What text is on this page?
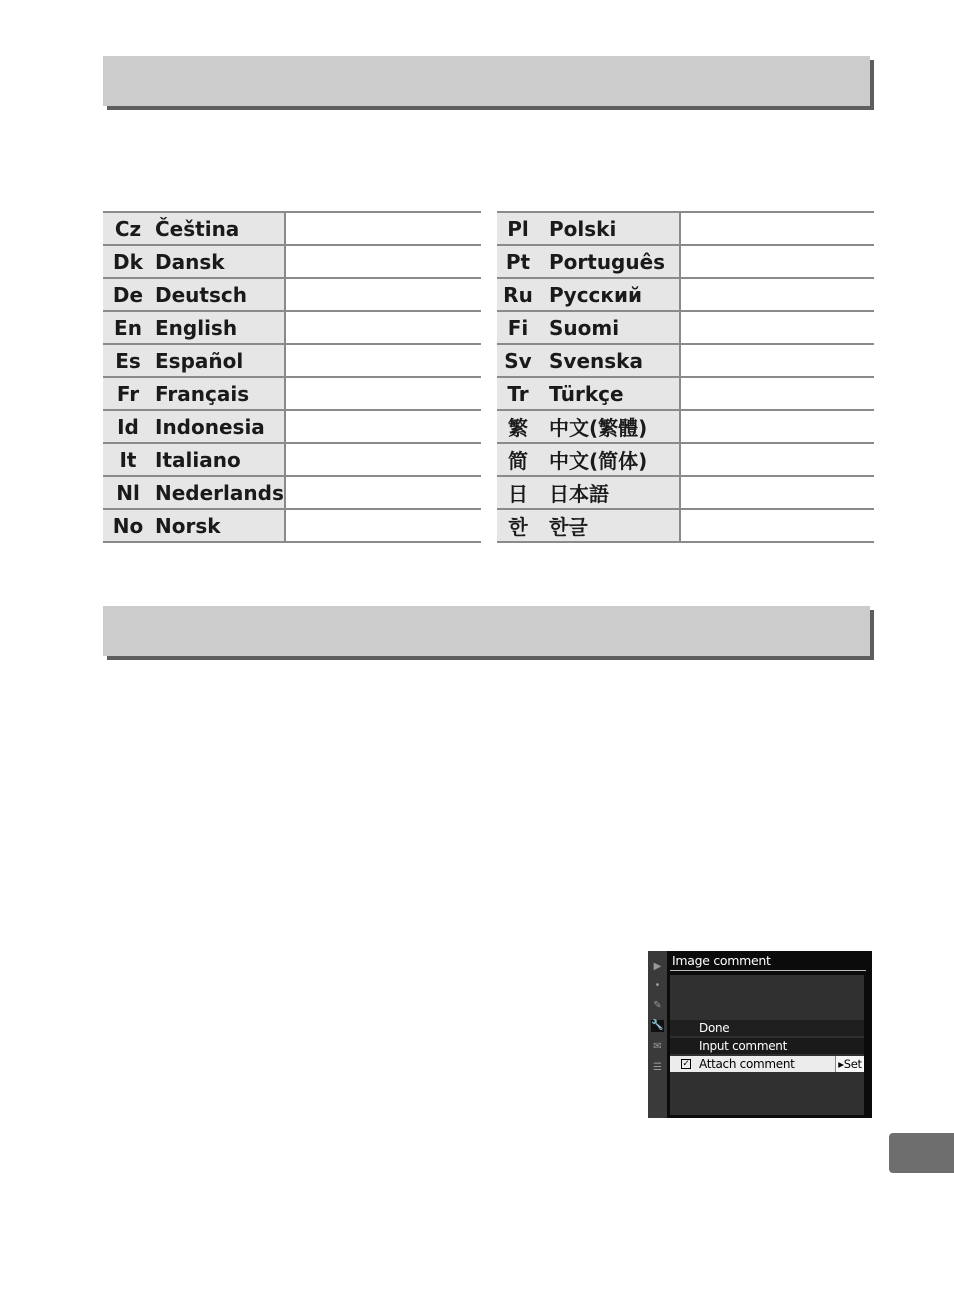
Cz	Čeština	
Dk	Dansk	
De	Deutsch	
En	English	
Es	Español	
Fr	Français	
Id	Indonesia	
It	Italiano	
Nl	Nederlands	
No	Norsk	
Pl	Polski	
Pt	Português	
Ru	Русский	
Fi	Suomi	
Sv	Svenska	
Tr	Türkçe	
繁	中文(繁體)	
简	中文(简体)	
日	日本語	
한	한글	
▶
•
✎
🔧
✉
☰
Image comment
Done
Input comment
✓ Attach comment	▸Set
